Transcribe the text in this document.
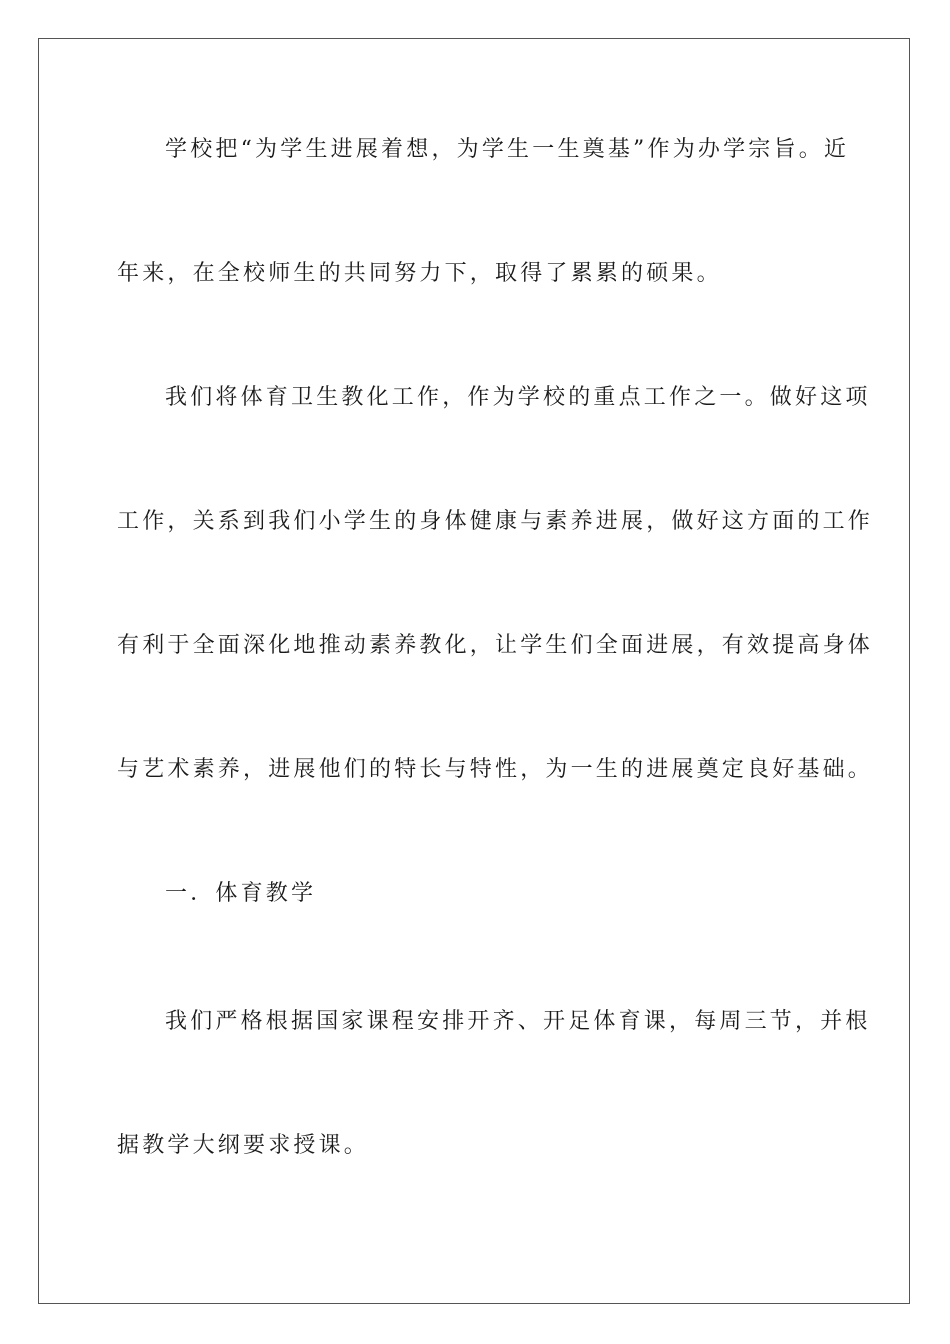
学校把“为学生进展着想，为学生一生奠基”作为办学宗旨。近
年来，在全校师生的共同努力下，取得了累累的硕果。
我们将体育卫生教化工作，作为学校的重点工作之一。做好这项
工作，关系到我们小学生的身体健康与素养进展，做好这方面的工作
有利于全面深化地推动素养教化，让学生们全面进展，有效提高身体
与艺术素养，进展他们的特长与特性，为一生的进展奠定良好基础。
一．体育教学
我们严格根据国家课程安排开齐、开足体育课，每周三节，并根
据教学大纲要求授课。
